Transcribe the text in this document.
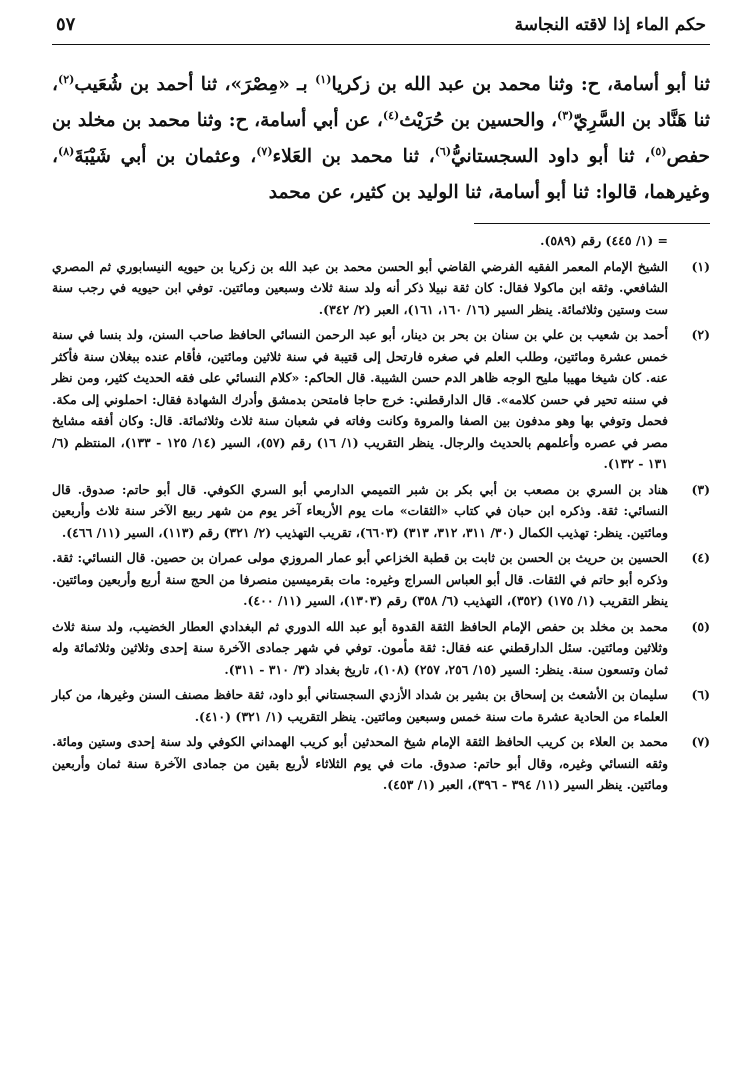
حكم الماء إذا لاقته النجاسة
٥٧

ثنا أبو أسامة، ح: وثنا محمد بن عبد الله بن زكريا$^{(١)}$ بـ «مِصْرَ»، ثنا أحمد بن شُعَيب$^{(٢)}$، ثنا هَنَّاد بن السَّرِيّ$^{(٣)}$، والحسين بن حُرَيْث$^{(٤)}$، عن أبي أسامة، ح: وثنا محمد بن مخلد بن حفص$^{(٥)}$، ثنا أبو داود السجستانيُّ$^{(٦)}$، ثنا محمد بن العَلاء$^{(٧)}$، وعثمان بن أبي شَيْبَةَ$^{(٨)}$، وغيرهما، قالوا: ثنا أبو أسامة، ثنا الوليد بن كثير، عن محمد

= (١/ ٤٤٥) رقم (٥٨٩).
(١)
الشيخ الإمام المعمر الفقيه الفرضي القاضي أبو الحسن محمد بن عبد الله بن زكريا بن حيويه النيسابوري ثم المصري الشافعي. وثقه ابن ماكولا فقال: كان ثقة نبيلا ذكر أنه ولد سنة ثلاث وسبعين ومائتين. توفي ابن حيويه في رجب سنة ست وستين وثلاثمائة. ينظر السير (١٦/ ١٦٠، ١٦١)، العبر (٢/ ٣٤٢).
(٢)
أحمد بن شعيب بن علي بن سنان بن بحر بن دينار، أبو عبد الرحمن النسائي الحافظ صاحب السنن، ولد بنسا في سنة خمس عشرة ومائتين، وطلب العلم في صغره فارتحل إلى قتيبة في سنة ثلاثين ومائتين، فأقام عنده ببغلان سنة فأكثر عنه. كان شيخا مهيبا مليح الوجه ظاهر الدم حسن الشيبة. قال الحاكم: «كلام النسائي على فقه الحديث كثير، ومن نظر في سننه تحير في حسن كلامه». قال الدارقطني: خرج حاجا فامتحن بدمشق وأدرك الشهادة فقال: احملوني إلى مكة. فحمل وتوفي بها وهو مدفون بين الصفا والمروة وكانت وفاته في شعبان سنة ثلاث وثلاثمائة. قال: وكان أفقه مشايخ مصر في عصره وأعلمهم بالحديث والرجال. ينظر التقريب (١/ ١٦) رقم (٥٧)، السير (١٤/ ١٢٥ - ١٣٣)، المنتظم (٦/ ١٣١ - ١٣٢).
(٣)
هناد بن السري بن مصعب بن أبي بكر بن شبر التميمي الدارمي أبو السري الكوفي. قال أبو حاتم: صدوق. قال النسائي: ثقة. وذكره ابن حبان في كتاب «الثقات» مات يوم الأربعاء آخر يوم من شهر ربيع الآخر سنة ثلاث وأربعين ومائتين. ينظر: تهذيب الكمال (٣٠/ ٣١١، ٣١٢، ٣١٣) (٦٦٠٣)، تقريب التهذيب (٢/ ٣٢١) رقم (١١٣)، السير (١١/ ٤٦٦).
(٤)
الحسين بن حريث بن الحسن بن ثابت بن قطبة الخزاعي أبو عمار المروزي مولى عمران بن حصين. قال النسائي: ثقة. وذكره أبو حاتم في الثقات. قال أبو العباس السراج وغيره: مات بقرميسين منصرفا من الحج سنة أربع وأربعين ومائتين. ينظر التقريب (١/ ١٧٥) (٣٥٢)، التهذيب (٦/ ٣٥٨) رقم (١٣٠٣)، السير (١١/ ٤٠٠).
(٥)
محمد بن مخلد بن حفص الإمام الحافظ الثقة القدوة أبو عبد الله الدوري ثم البغدادي العطار الخضيب، ولد سنة ثلاث وثلاثين ومائتين. سئل الدارقطني عنه فقال: ثقة مأمون. توفي في شهر جمادى الآخرة سنة إحدى وثلاثين وثلاثمائة وله ثمان وتسعون سنة. ينظر: السير (١٥/ ٢٥٦، ٢٥٧) (١٠٨)، تاريخ بغداد (٣/ ٣١٠ - ٣١١).
(٦)
سليمان بن الأشعث بن إسحاق بن بشير بن شداد الأزدي السجستاني أبو داود، ثقة حافظ مصنف السنن وغيرها، من كبار العلماء من الحادية عشرة مات سنة خمس وسبعين ومائتين. ينظر التقريب (١/ ٣٢١) (٤١٠).
(٧)
محمد بن العلاء بن كريب الحافظ الثقة الإمام شيخ المحدثين أبو كريب الهمداني الكوفي ولد سنة إحدى وستين ومائة. وثقه النسائي وغيره، وقال أبو حاتم: صدوق. مات في يوم الثلاثاء لأربع بقين من جمادى الآخرة سنة ثمان وأربعين ومائتين. ينظر السير (١١/ ٣٩٤ - ٣٩٦)، العبر (١/ ٤٥٣).
